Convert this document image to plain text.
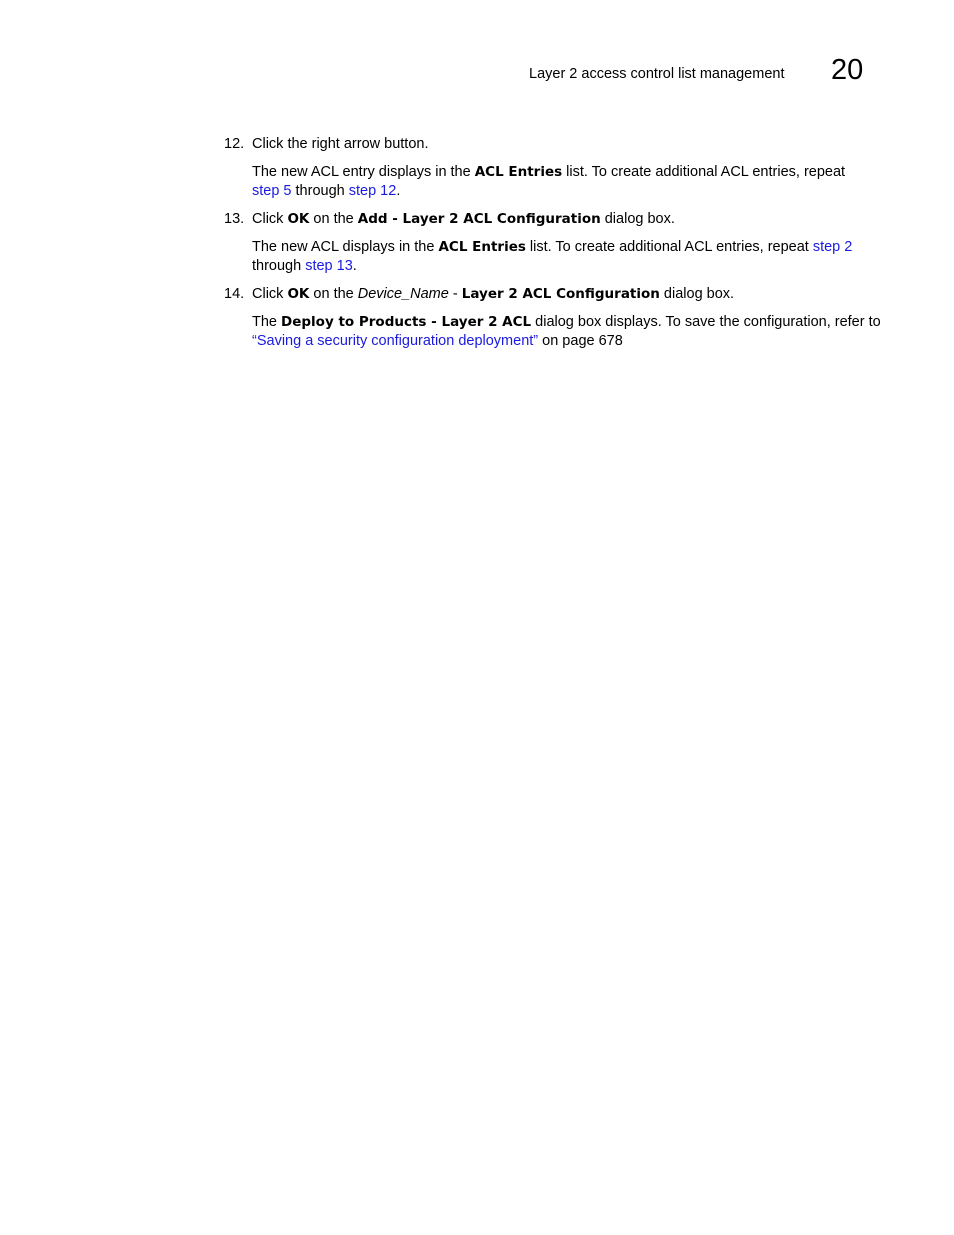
Layer 2 access control list management 20
12. Click the right arrow button.
The new ACL entry displays in the ACL Entries list. To create additional ACL entries, repeat
step 5 through step 12.
13. Click OK on the Add - Layer 2 ACL Configuration dialog box.
The new ACL displays in the ACL Entries list. To create additional ACL entries, repeat step 2
through step 13.
14. Click OK on the Device_Name - Layer 2 ACL Configuration dialog box.
The Deploy to Products - Layer 2 ACL dialog box displays. To save the configuration, refer to
“Saving a security configuration deployment” on page 678
